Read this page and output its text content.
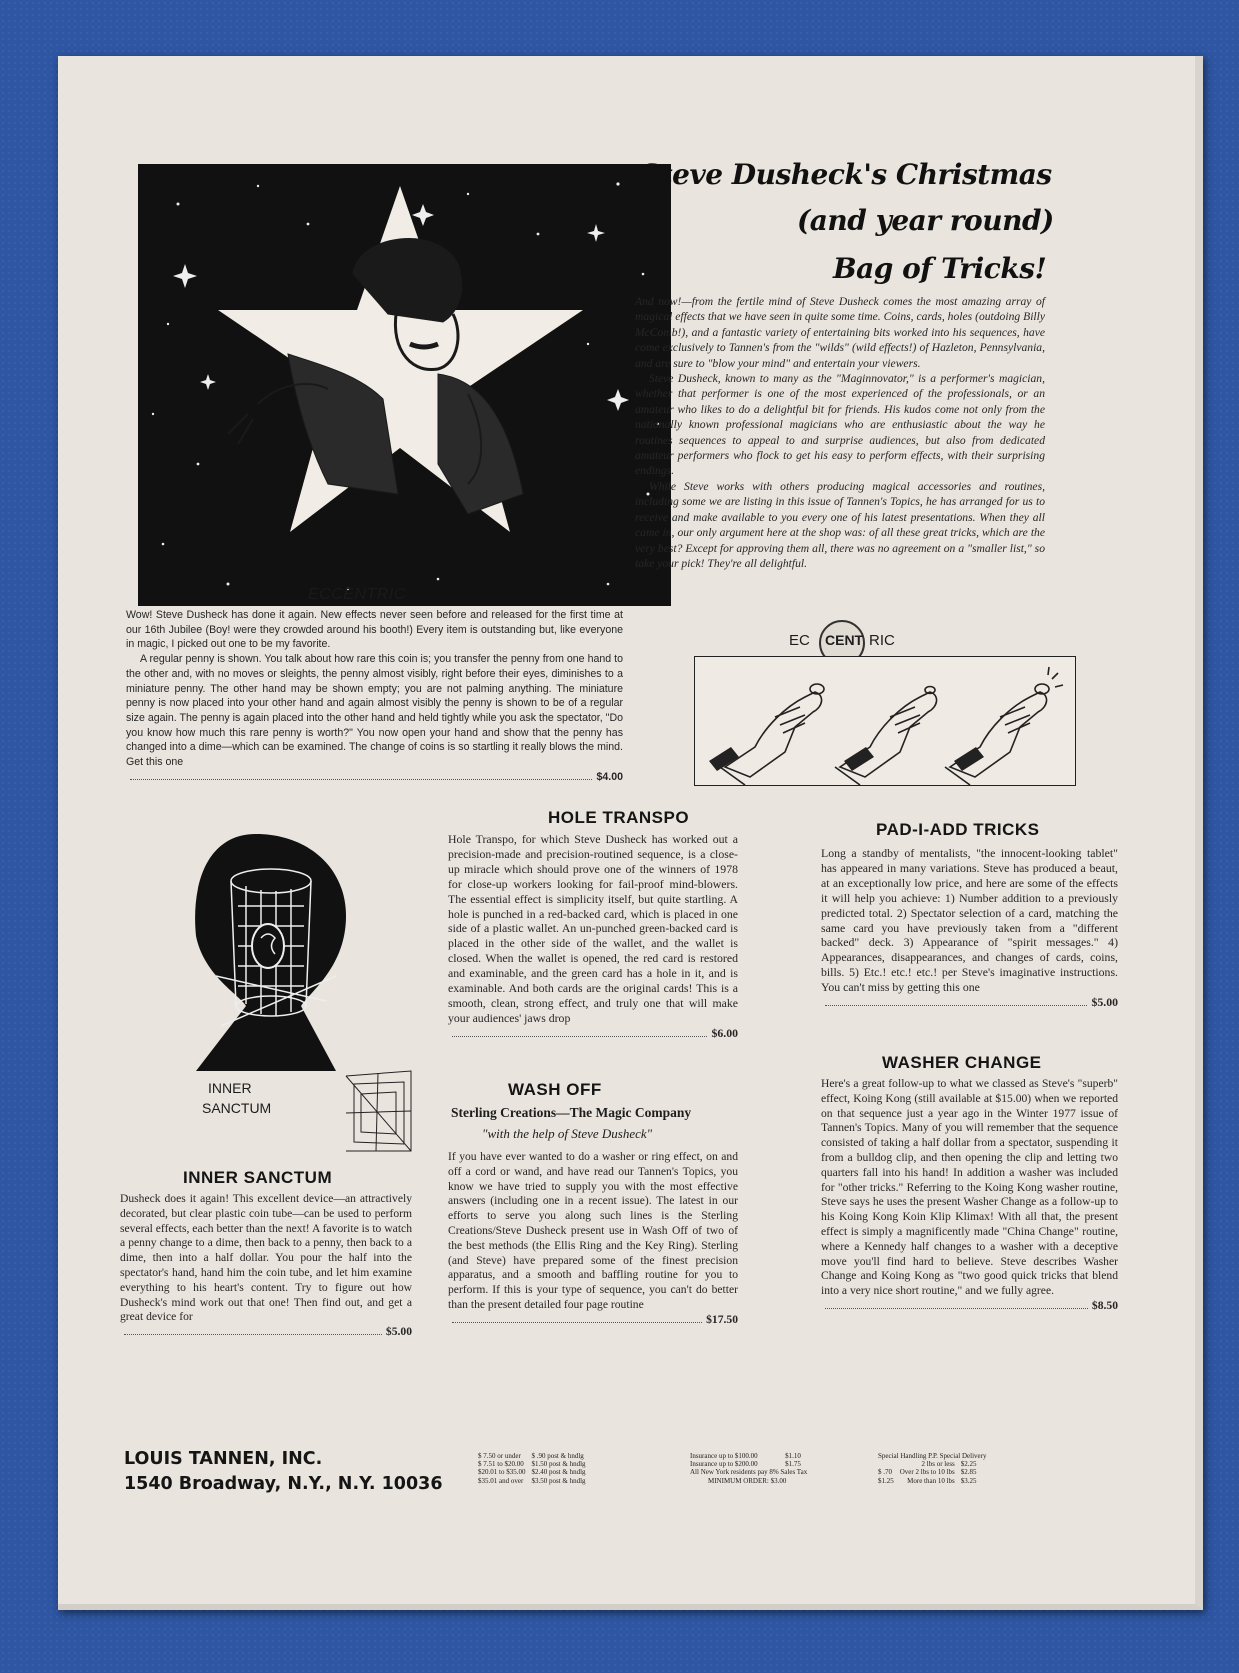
Steve Dusheck's Christmas
(and year round)
Bag of Tricks!

And now!—from the fertile mind of Steve Dusheck comes the most amazing array of magical effects that we have seen in quite some time. Coins, cards, holes (outdoing Billy McComb!), and a fantastic variety of entertaining bits worked into his sequences, have come exclusively to Tannen's from the "wilds" (wild effects!) of Hazleton, Pennsylvania, and are sure to "blow your mind" and entertain your viewers.

Steve Dusheck, known to many as the "Maginnovator," is a performer's magician, whether that performer is one of the most experienced of the professionals, or an amateur who likes to do a delightful bit for friends. His kudos come not only from the nationally known professional magicians who are enthusiastic about the way he routines sequences to appeal to and surprise audiences, but also from dedicated amateur performers who flock to get his easy to perform effects, with their surprising endings.

While Steve works with others producing magical accessories and routines, including some we are listing in this issue of Tannen's Topics, he has arranged for us to receive and make available to you every one of his latest presentations. When they all came in, our only argument here at the shop was: of all these great tricks, which are the very best? Except for approving them all, there was no agreement on a "smaller list," so take your pick! They're all delightful.

ECCENTRIC

Wow! Steve Dusheck has done it again. New effects never seen before and released for the first time at our 16th Jubilee (Boy! were they crowded around his booth!) Every item is outstanding but, like everyone in magic, I picked out one to be my favorite.

A regular penny is shown. You talk about how rare this coin is; you transfer the penny from one hand to the other and, with no moves or sleights, the penny almost visibly, right before their eyes, diminishes to a miniature penny. The other hand may be shown empty; you are not palming anything. The miniature penny is now placed into your other hand and again almost visibly the penny is shown to be of a regular size again. The penny is again placed into the other hand and held tightly while you ask the spectator, "Do you know how much this rare penny is worth?" You now open your hand and show that the penny has changed into a dime—which can be examined. The change of coins is so startling it really blows the mind. Get this one
$4.00
EC CENT RIC
HOLE TRANSPO

Hole Transpo, for which Steve Dusheck has worked out a precision-made and precision-routined sequence, is a close-up miracle which should prove one of the winners of 1978 for close-up workers looking for fail-proof mind-blowers. The essential effect is simplicity itself, but quite startling. A hole is punched in a red-backed card, which is placed in one side of a plastic wallet. An un-punched green-backed card is placed in the other side of the wallet, and the wallet is closed. When the wallet is opened, the red card is restored and examinable, and the green card has a hole in it, and is examinable. And both cards are the original cards! This is a smooth, clean, strong effect, and truly one that will make your audiences' jaws drop

$6.00
PAD-I-ADD TRICKS

Long a standby of mentalists, "the innocent-looking tablet" has appeared in many variations. Steve has produced a beaut, at an exceptionally low price, and here are some of the effects it will help you achieve: 1) Number addition to a previously predicted total. 2) Spectator selection of a card, matching the same card you have previously taken from a "different backed" deck. 3) Appearance of "spirit messages." 4) Appearances, disappearances, and changes of cards, coins, bills. 5) Etc.! etc.! etc.! per Steve's imaginative instructions. You can't miss by getting this one

$5.00
INNER
SANCTUM
INNER SANCTUM

Dusheck does it again! This excellent device—an attractively decorated, but clear plastic coin tube—can be used to perform several effects, each better than the next! A favorite is to watch a penny change to a dime, then back to a penny, then back to a dime, then into a half dollar. You pour the half into the spectator's hand, hand him the coin tube, and let him examine everything to his heart's content. Try to figure out how Dusheck's mind work out that one! Then find out, and get a great device for

$5.00
WASH OFF
Sterling Creations—The Magic Company
"with the help of Steve Dusheck"

If you have ever wanted to do a washer or ring effect, on and off a cord or wand, and have read our Tannen's Topics, you know we have tried to supply you with the most effective answers (including one in a recent issue). The latest in our efforts to serve you along such lines is the Sterling Creations/Steve Dusheck present use in Wash Off of two of the best methods (the Ellis Ring and the Key Ring). Sterling (and Steve) have prepared some of the finest precision apparatus, and a smooth and baffling routine for you to perform. If this is your type of sequence, you can't do better than the present detailed four page routine

$17.50
WASHER CHANGE

Here's a great follow-up to what we classed as Steve's "superb" effect, Koing Kong (still available at $15.00) when we reported on that sequence just a year ago in the Winter 1977 issue of Tannen's Topics. Many of you will remember that the sequence consisted of taking a half dollar from a spectator, suspending it from a bulldog clip, and then opening the clip and letting two quarters fall into his hand! In addition a washer was included for "other tricks." Referring to the Koing Kong washer routine, Steve says he uses the present Washer Change as a follow-up to his Koing Kong Koin Klip Klimax! With all that, the present effect is simply a magnificently made "China Change" routine, where a Kennedy half changes to a washer with a deceptive move you'll find hard to believe. Steve describes Washer Change and Koing Kong as "two good quick tricks that blend into a very nice short routine," and we fully agree.

$8.50
LOUIS TANNEN, INC.
1540 Broadway, N.Y., N.Y. 10036
$ 7.50 or under	$ .90 post & hndlg
$ 7.51 to $20.00	$1.50 post & hndlg
$20.01 to $35.00	$2.40 post & hndlg
$35.01 and over	$3.50 post & hndlg
Insurance up to $100.00	$1.10
Insurance up to $200.00	$1.75
All New York residents pay 8% Sales Tax	
MINIMUM ORDER: $3.00	
Special Handling P.P. Special Delivery
	2 lbs or less	$2.25
$ .70	Over 2 lbs to 10 lbs	$2.85
$1.25	More than 10 lbs	$3.25
